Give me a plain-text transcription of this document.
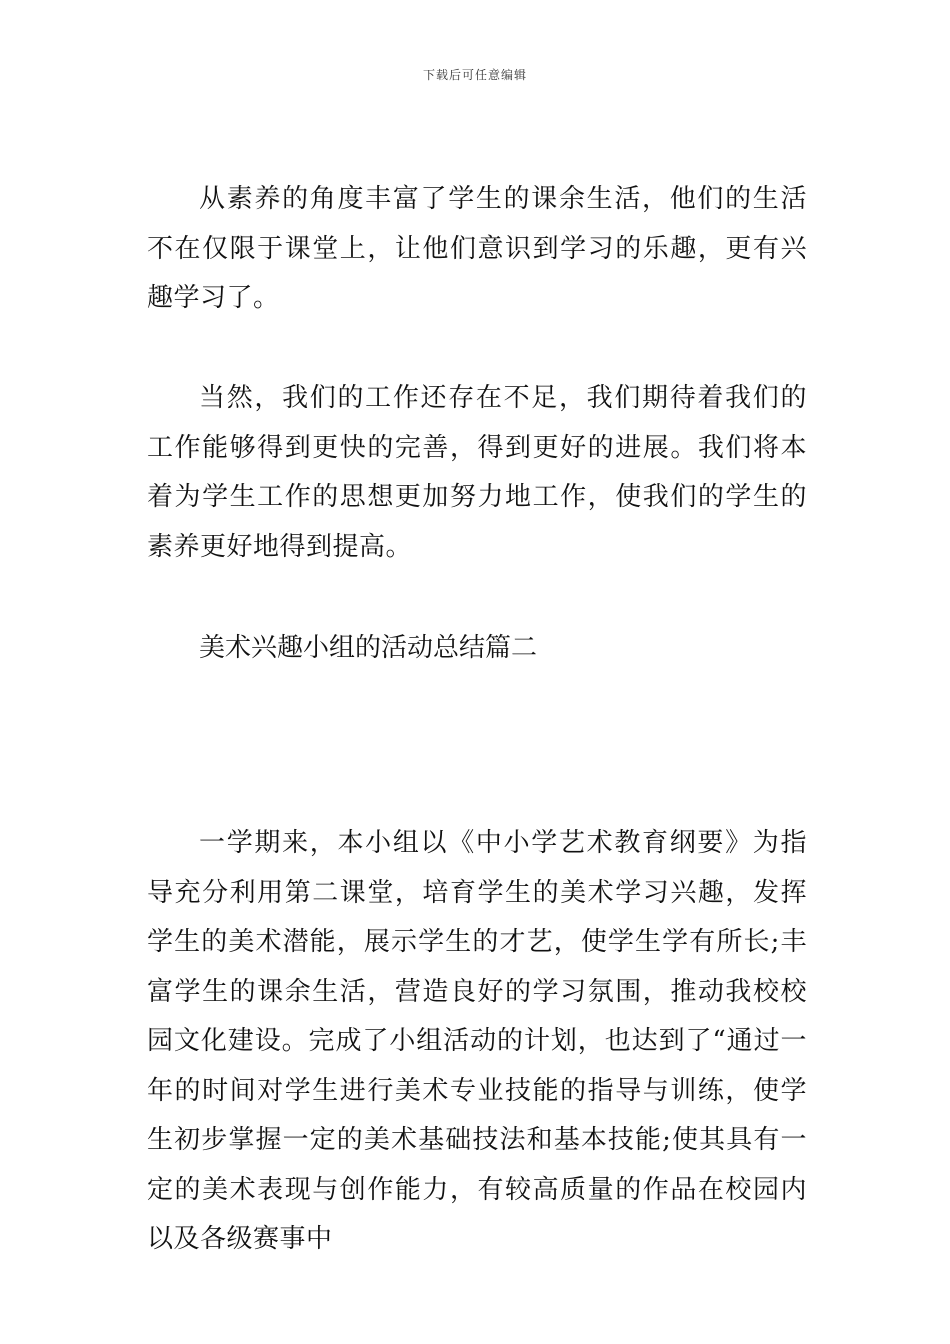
下载后可任意编辑

从素养的角度丰富了学生的课余生活，他们的生活不在仅限于课堂上，让他们意识到学习的乐趣，更有兴趣学习了。

当然，我们的工作还存在不足，我们期待着我们的工作能够得到更快的完善，得到更好的进展。我们将本着为学生工作的思想更加努力地工作，使我们的学生的素养更好地得到提高。

美术兴趣小组的活动总结篇二

一学期来，本小组以《中小学艺术教育纲要》为指导充分利用第二课堂，培育学生的美术学习兴趣，发挥学生的美术潜能，展示学生的才艺，使学生学有所长;丰富学生的课余生活，营造良好的学习氛围，推动我校校园文化建设。完成了小组活动的计划，也达到了“通过一年的时间对学生进行美术专业技能的指导与训练，使学生初步掌握一定的美术基础技法和基本技能;使其具有一定的美术表现与创作能力，有较高质量的作品在校园内以及各级赛事中
